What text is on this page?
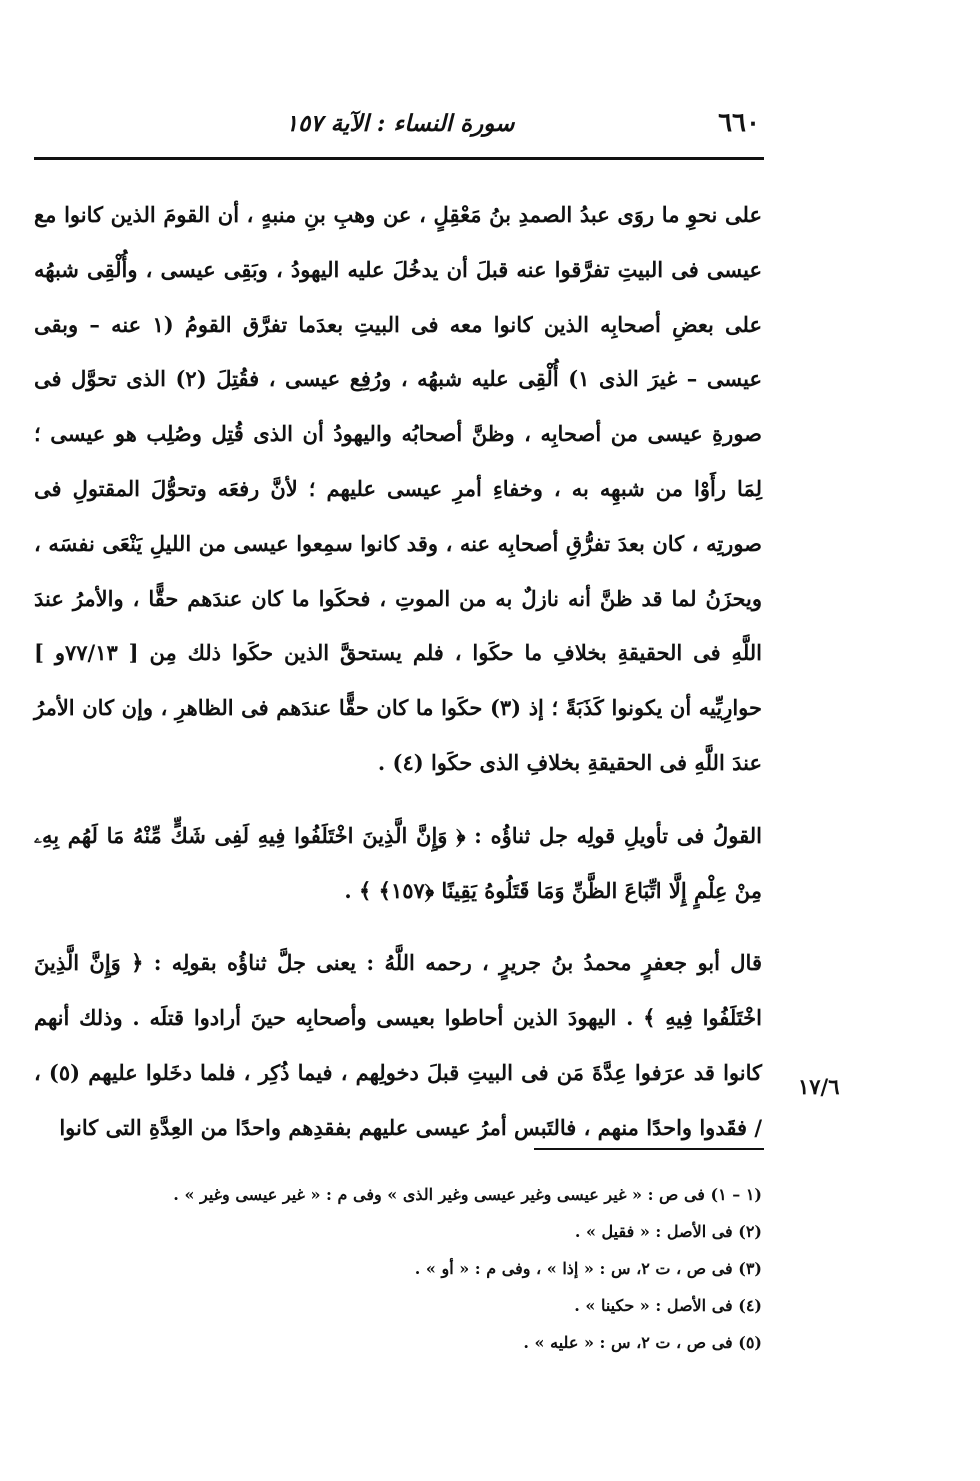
٦٦٠
سورة النساء : الآية ١٥٧

على نحوِ ما روَى عبدُ الصمدِ بنُ مَعْقِلٍ ، عن وهبِ بنِ منبهٍ ، أن القومَ الذين كانوا مع عيسى فى البيتِ تفرَّقوا عنه قبلَ أن يدخُلَ عليه اليهودُ ، وبَقِى عيسى ، وأُلْقِى شبهُه على بعضِ أصحابِه الذين كانوا معه فى البيتِ بعدَما تفرَّق القومُ (١ عنه – وبقى عيسى – غيرَ الذى ١) أُلْقِى عليه شبهُه ، ورُفِع عيسى ، فقُتِلَ (٢) الذى تحوَّل فى صورةِ عيسى من أصحابِه ، وظنَّ أصحابُه واليهودُ أن الذى قُتِل وصُلِب هو عيسى ؛ لِمَا رأَوْا من شبهِه به ، وخفاءِ أمرِ عيسى عليهم ؛ لأنَّ رفعَه وتحوُّلَ المقتولِ فى صورتِه ، كان بعدَ تفرُّقِ أصحابِه عنه ، وقد كانوا سمِعوا عيسى من الليلِ يَنْعَى نفسَه ، ويحزَنُ لما قد ظنَّ أنه نازلٌ به من الموتِ ، فحكَوا ما كان عندَهم حقًّا ، والأمرُ عندَ اللَّهِ فى الحقيقةِ بخلافِ ما حكَوا ، فلم يستحقَّ الذين حكَوا ذلك مِن [ ٧٧/١٣و ] حوارِيِّيه أن يكونوا كَذَبَةً ؛ إذ (٣) حكَوا ما كان حقًّا عندَهم فى الظاهرِ ، وإن كان الأمرُ عندَ اللَّهِ فى الحقيقةِ بخلافِ الذى حكَوا (٤) .

القولُ فى تأويلِ قولِه جل ثناؤُه : ﴿ وَإِنَّ الَّذِينَ اخْتَلَفُوا فِيهِ لَفِى شَكٍّ مِّنْهُ مَا لَهُم بِهِۦ مِنْ عِلْمٍ إِلَّا اتِّبَاعَ الظَّنِّ وَمَا قَتَلُوهُ يَقِينًا ﴿١٥٧﴾ ﴾ .

قال أبو جعفرٍ محمدُ بنُ جريرٍ ، رحمه اللَّهُ : يعنى جلَّ ثناؤُه بقولِه : ﴿ وَإِنَّ الَّذِينَ اخْتَلَفُوا فِيهِ ﴾ . اليهودَ الذين أحاطوا بعيسى وأصحابِه حينَ أرادوا قتلَه . وذلك أنهم كانوا قد عرَفوا عِدَّةَ مَن فى البيتِ قبلَ دخولِهم ، فيما ذُكِر ، فلما دخَلوا عليهم (٥) ، / فقَدوا واحدًا منهم ، فالتَبس أمرُ عيسى عليهم بفقدِهم واحدًا من العِدَّةِ التى كانوا

١٧/٦
(١ – ١) فى ص : « غير عيسى وغير عيسى وغير الذى » وفى م : « غير عيسى وغير » .
(٢) فى الأصل : « فقيل » .
(٣) فى ص ، ت ٢، س : « إذا » ، وفى م : « أو » .
(٤) فى الأصل : « حكينا » .
(٥) فى ص ، ت ٢، س : « عليه » .
